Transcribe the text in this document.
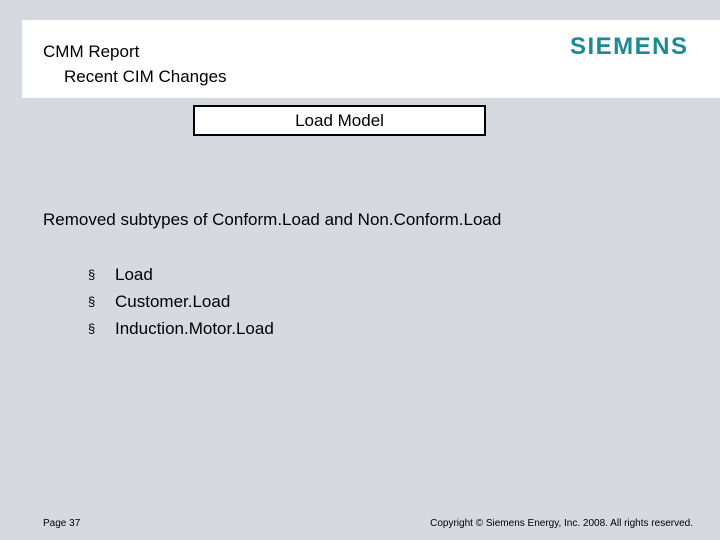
CMM Report
Recent CIM Changes
SIEMENS
Load Model
Removed subtypes of Conform.Load and Non.Conform.Load
§ Load
§ Customer.Load
§ Induction.Motor.Load
Page 37	Copyright © Siemens Energy, Inc. 2008. All rights reserved.
